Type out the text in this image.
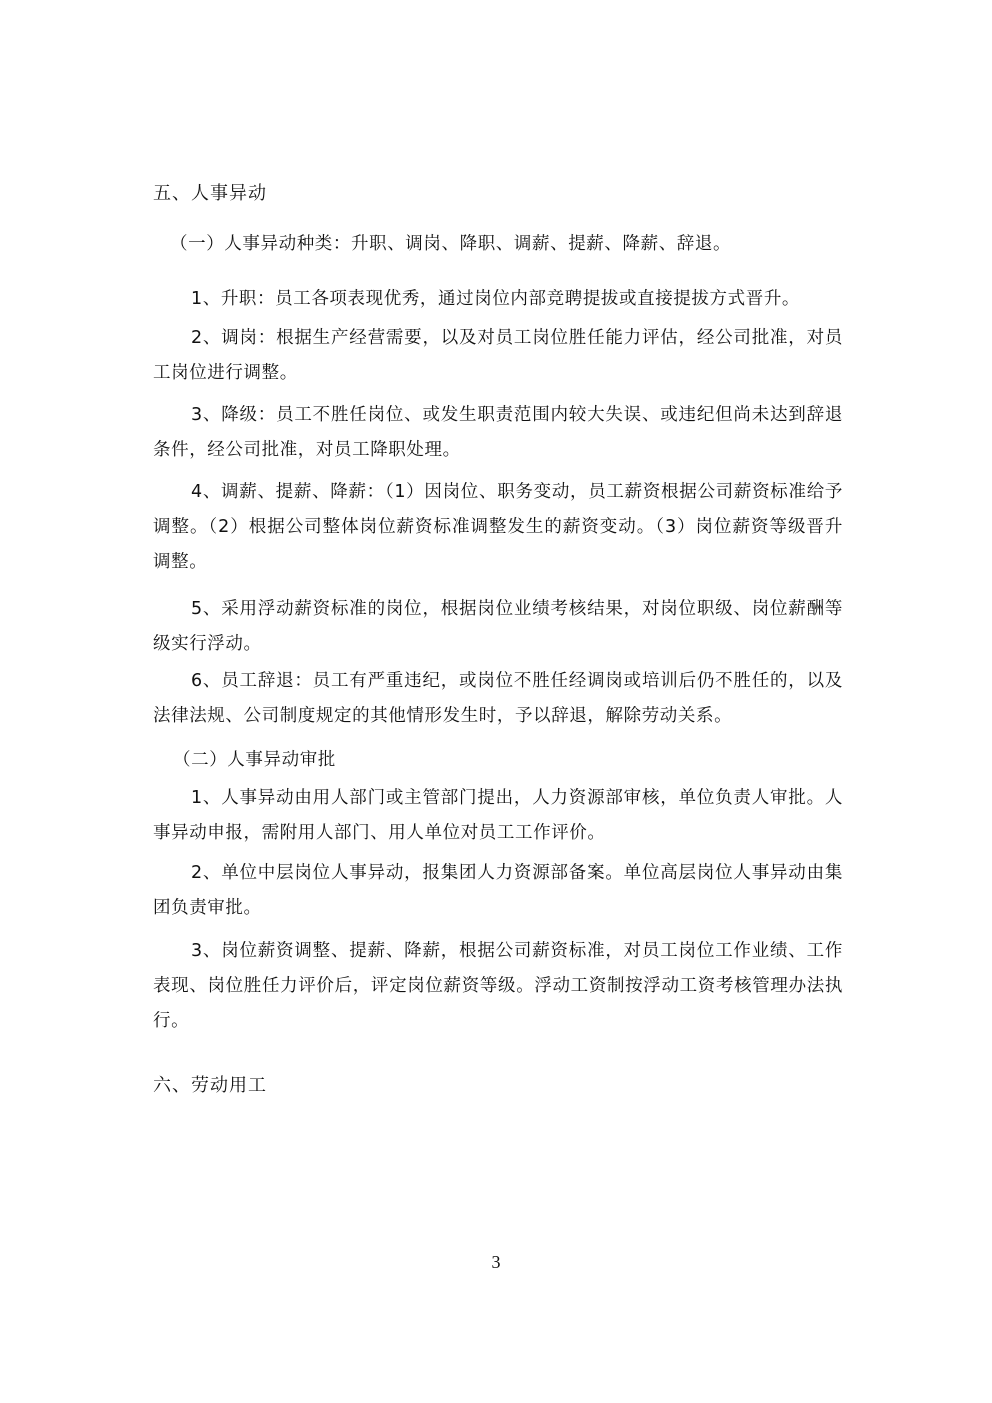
五、人事异动

（一）人事异动种类：升职、调岗、降职、调薪、提薪、降薪、辞退。

1、升职：员工各项表现优秀，通过岗位内部竞聘提拔或直接提拔方式晋升。

2、调岗：根据生产经营需要，以及对员工岗位胜任能力评估，经公司批准，对员工岗位进行调整。

3、降级：员工不胜任岗位、或发生职责范围内较大失误、或违纪但尚未达到辞退条件，经公司批准，对员工降职处理。

4、调薪、提薪、降薪：（1）因岗位、职务变动，员工薪资根据公司薪资标准给予调整。（2）根据公司整体岗位薪资标准调整发生的薪资变动。（3）岗位薪资等级晋升调整。

5、采用浮动薪资标准的岗位，根据岗位业绩考核结果，对岗位职级、岗位薪酬等级实行浮动。

6、员工辞退：员工有严重违纪，或岗位不胜任经调岗或培训后仍不胜任的，以及法律法规、公司制度规定的其他情形发生时，予以辞退，解除劳动关系。

（二）人事异动审批

1、人事异动由用人部门或主管部门提出，人力资源部审核，单位负责人审批。人事异动申报，需附用人部门、用人单位对员工工作评价。

2、单位中层岗位人事异动，报集团人力资源部备案。单位高层岗位人事异动由集团负责审批。

3、岗位薪资调整、提薪、降薪，根据公司薪资标准，对员工岗位工作业绩、工作表现、岗位胜任力评价后，评定岗位薪资等级。浮动工资制按浮动工资考核管理办法执行。

六、劳动用工

3
